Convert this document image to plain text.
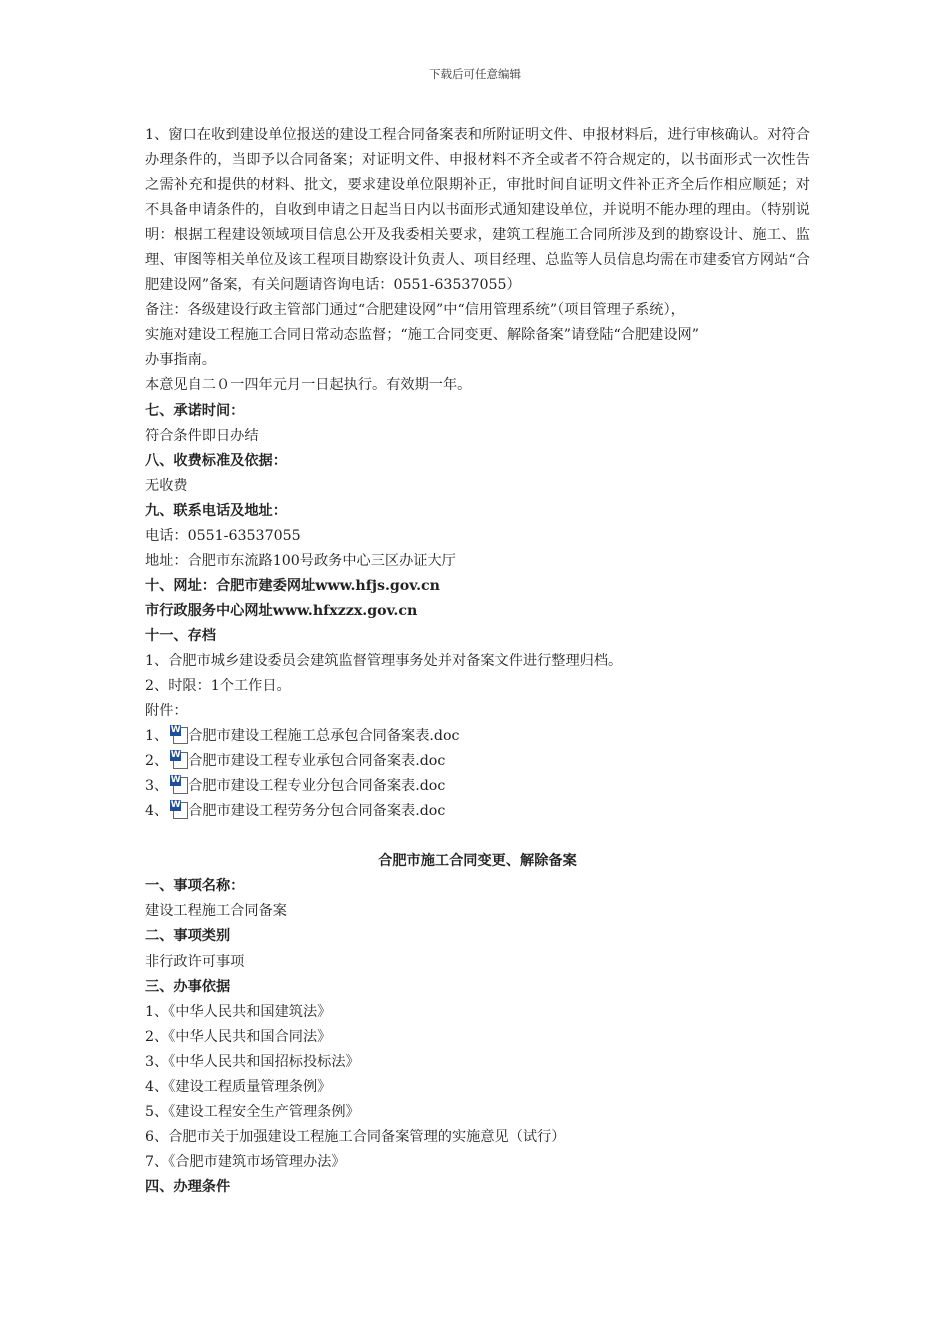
下载后可任意编辑

1、窗口在收到建设单位报送的建设工程合同备案表和所附证明文件、申报材料后，进行审核确认。对符合办理条件的，当即予以合同备案；对证明文件、申报材料不齐全或者不符合规定的，以书面形式一次性告之需补充和提供的材料、批文，要求建设单位限期补正，审批时间自证明文件补正齐全后作相应顺延；对不具备申请条件的，自收到申请之日起当日内以书面形式通知建设单位，并说明不能办理的理由。（特别说明：根据工程建设领域项目信息公开及我委相关要求，建筑工程施工合同所涉及到的勘察设计、施工、监理、审图等相关单位及该工程项目勘察设计负责人、项目经理、总监等人员信息均需在市建委官方网站“合肥建设网”备案，有关问题请咨询电话：0551-63537055）

备注：各级建设行政主管部门通过“合肥建设网”中“信用管理系统”（项目管理子系统），
实施对建设工程施工合同日常动态监督；“施工合同变更、解除备案”请登陆“合肥建设网”
办事指南。
本意见自二０一四年元月一日起执行。有效期一年。
七、承诺时间：
符合条件即日办结
八、收费标准及依据：
无收费
九、联系电话及地址：
电话：0551-63537055
地址：合肥市东流路100号政务中心三区办证大厅
十、网址：合肥市建委网址www.hfjs.gov.cn
市行政服务中心网址www.hfxzzx.gov.cn
十一、存档
1、合肥市城乡建设委员会建筑监督管理事务处并对备案文件进行整理归档。
2、时限：1个工作日。
附件：
1、 W 合肥市建设工程施工总承包合同备案表.doc
2、 W 合肥市建设工程专业承包合同备案表.doc
3、 W 合肥市建设工程专业分包合同备案表.doc
4、 W 合肥市建设工程劳务分包合同备案表.doc
合肥市施工合同变更、解除备案
一、事项名称：
建设工程施工合同备案
二、事项类别
非行政许可事项
三、办事依据
1、《中华人民共和国建筑法》
2、《中华人民共和国合同法》
3、《中华人民共和国招标投标法》
4、《建设工程质量管理条例》
5、《建设工程安全生产管理条例》
6、合肥市关于加强建设工程施工合同备案管理的实施意见（试行）
7、《合肥市建筑市场管理办法》
四、办理条件
